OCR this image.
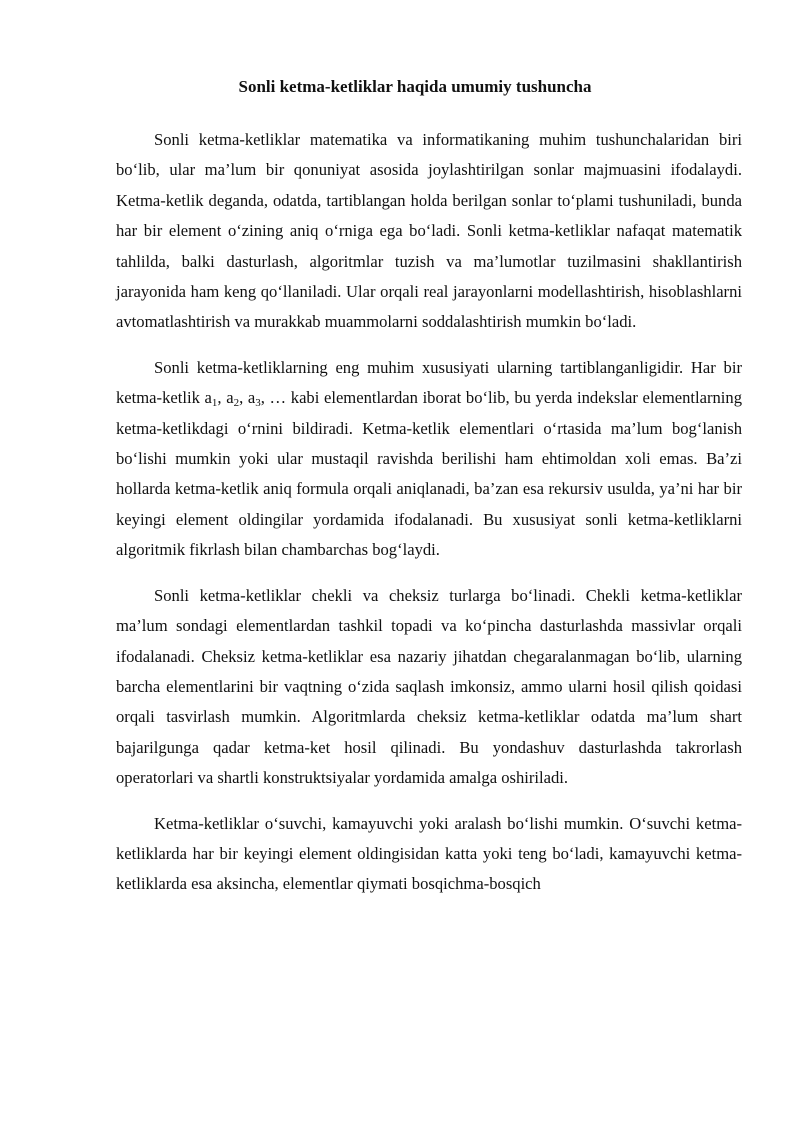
Sonli ketma-ketliklar haqida umumiy tushuncha

Sonli ketma-ketliklar matematika va informatikaning muhim tushunchalaridan biri bo‘lib, ular ma’lum bir qonuniyat asosida joylashtirilgan sonlar majmuasini ifodalaydi. Ketma-ketlik deganda, odatda, tartiblangan holda berilgan sonlar to‘plami tushuniladi, bunda har bir element o‘zining aniq o‘rniga ega bo‘ladi. Sonli ketma-ketliklar nafaqat matematik tahlilda, balki dasturlash, algoritmlar tuzish va ma’lumotlar tuzilmasini shakllantirish jarayonida ham keng qo‘llaniladi. Ular orqali real jarayonlarni modellashtirish, hisoblashlarni avtomatlashtirish va murakkab muammolarni soddalashtirish mumkin bo‘ladi.

Sonli ketma-ketliklarning eng muhim xususiyati ularning tartiblanganligidir. Har bir ketma-ketlik $a_1$, $a_2$, $a_3$, … kabi elementlardan iborat bo‘lib, bu yerda indekslar elementlarning ketma-ketlikdagi o‘rnini bildiradi. Ketma-ketlik elementlari o‘rtasida ma’lum bog‘lanish bo‘lishi mumkin yoki ular mustaqil ravishda berilishi ham ehtimoldan xoli emas. Ba’zi hollarda ketma-ketlik aniq formula orqali aniqlanadi, ba’zan esa rekursiv usulda, ya’ni har bir keyingi element oldingilar yordamida ifodalanadi. Bu xususiyat sonli ketma-ketliklarni algoritmik fikrlash bilan chambarchas bog‘laydi.

Sonli ketma-ketliklar chekli va cheksiz turlarga bo‘linadi. Chekli ketma-ketliklar ma’lum sondagi elementlardan tashkil topadi va ko‘pincha dasturlashda massivlar orqali ifodalanadi. Cheksiz ketma-ketliklar esa nazariy jihatdan chegaralanmagan bo‘lib, ularning barcha elementlarini bir vaqtning o‘zida saqlash imkonsiz, ammo ularni hosil qilish qoidasi orqali tasvirlash mumkin. Algoritmlarda cheksiz ketma-ketliklar odatda ma’lum shart bajarilgunga qadar ketma-ket hosil qilinadi. Bu yondashuv dasturlashda takrorlash operatorlari va shartli konstruktsiyalar yordamida amalga oshiriladi.

Ketma-ketliklar o‘suvchi, kamayuvchi yoki aralash bo‘lishi mumkin. O‘suvchi ketma-ketliklarda har bir keyingi element oldingisidan katta yoki teng bo‘ladi, kamayuvchi ketma-ketliklarda esa aksincha, elementlar qiymati bosqichma-bosqich
